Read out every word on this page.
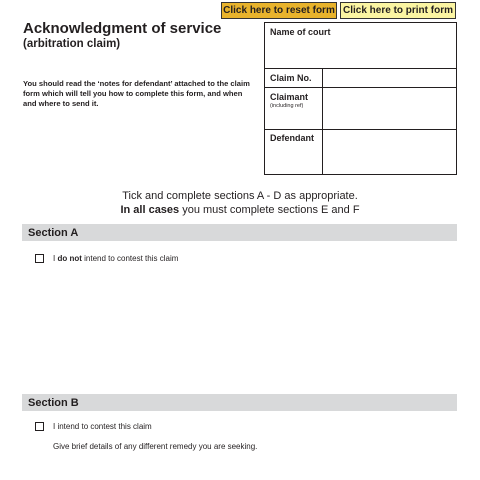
Click here to reset form Click here to print form
Acknowledgment of service
(arbitration claim)
You should read the ‘notes for defendant’ attached to the claim form which will tell you how to complete this form, and when and where to send it.
Name of court
Claim No.
Claimant
(including ref)
Defendant
Tick and complete sections A - D as appropriate.
In all cases you must complete sections E and F
Section A
I do not intend to contest this claim
Section B
I intend to contest this claim
Give brief details of any different remedy you are seeking.
